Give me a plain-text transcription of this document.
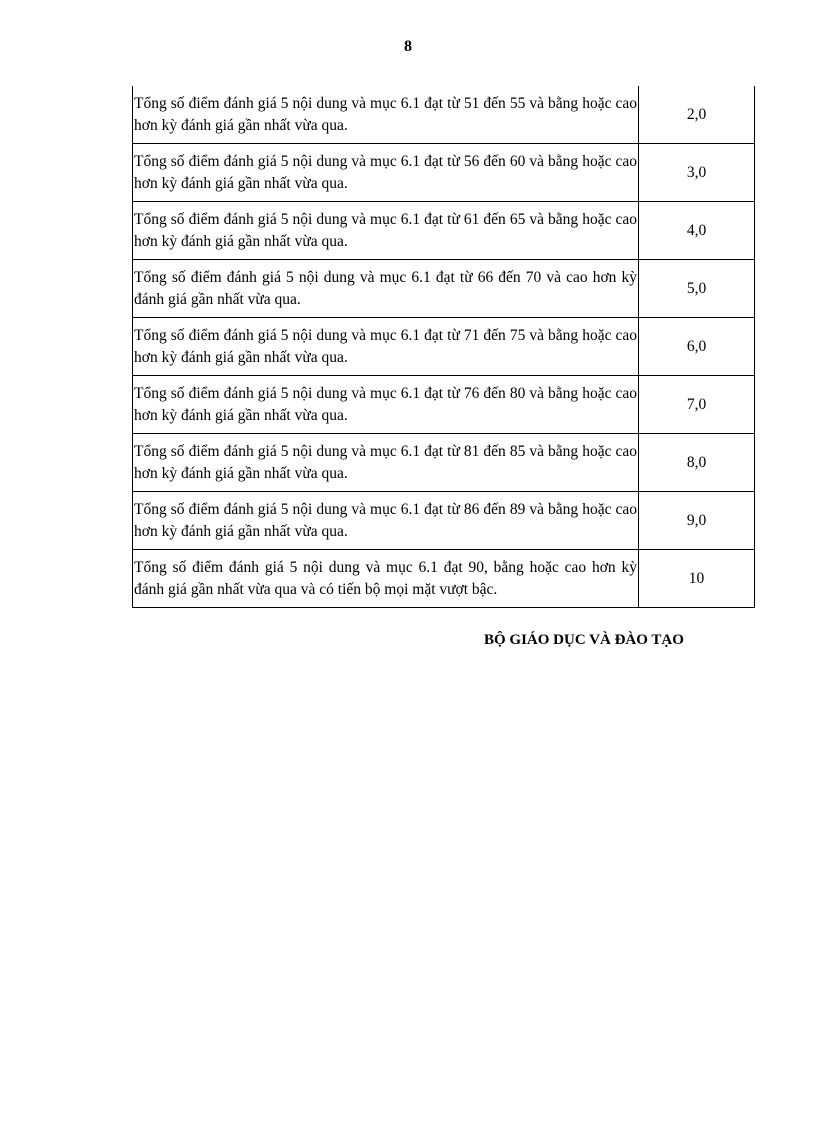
8
Tổng số điểm đánh giá 5 nội dung và mục 6.1 đạt từ 51 đến 55 và bằng hoặc cao hơn kỳ đánh giá gần nhất vừa qua.	2,0
Tổng số điểm đánh giá 5 nội dung và mục 6.1 đạt từ 56 đến 60 và bằng hoặc cao hơn kỳ đánh giá gần nhất vừa qua.	3,0
Tổng số điểm đánh giá 5 nội dung và mục 6.1 đạt từ 61 đến 65 và bằng hoặc cao hơn kỳ đánh giá gần nhất vừa qua.	4,0
Tổng số điểm đánh giá 5 nội dung và mục 6.1 đạt từ 66 đến 70 và cao hơn kỳ đánh giá gần nhất vừa qua.	5,0
Tổng số điểm đánh giá 5 nội dung và mục 6.1 đạt từ 71 đến 75 và bằng hoặc cao hơn kỳ đánh giá gần nhất vừa qua.	6,0
Tổng số điểm đánh giá 5 nội dung và mục 6.1 đạt từ 76 đến 80 và bằng hoặc cao hơn kỳ đánh giá gần nhất vừa qua.	7,0
Tổng số điểm đánh giá 5 nội dung và mục 6.1 đạt từ 81 đến 85 và bằng hoặc cao hơn kỳ đánh giá gần nhất vừa qua.	8,0
Tổng số điểm đánh giá 5 nội dung và mục 6.1 đạt từ 86 đến 89 và bằng hoặc cao hơn kỳ đánh giá gần nhất vừa qua.	9,0
Tổng số điểm đánh giá 5 nội dung và mục 6.1 đạt 90, bằng hoặc cao hơn kỳ đánh giá gần nhất vừa qua và có tiến bộ mọi mặt vượt bậc.	10
BỘ GIÁO DỤC VÀ ĐÀO TẠO
